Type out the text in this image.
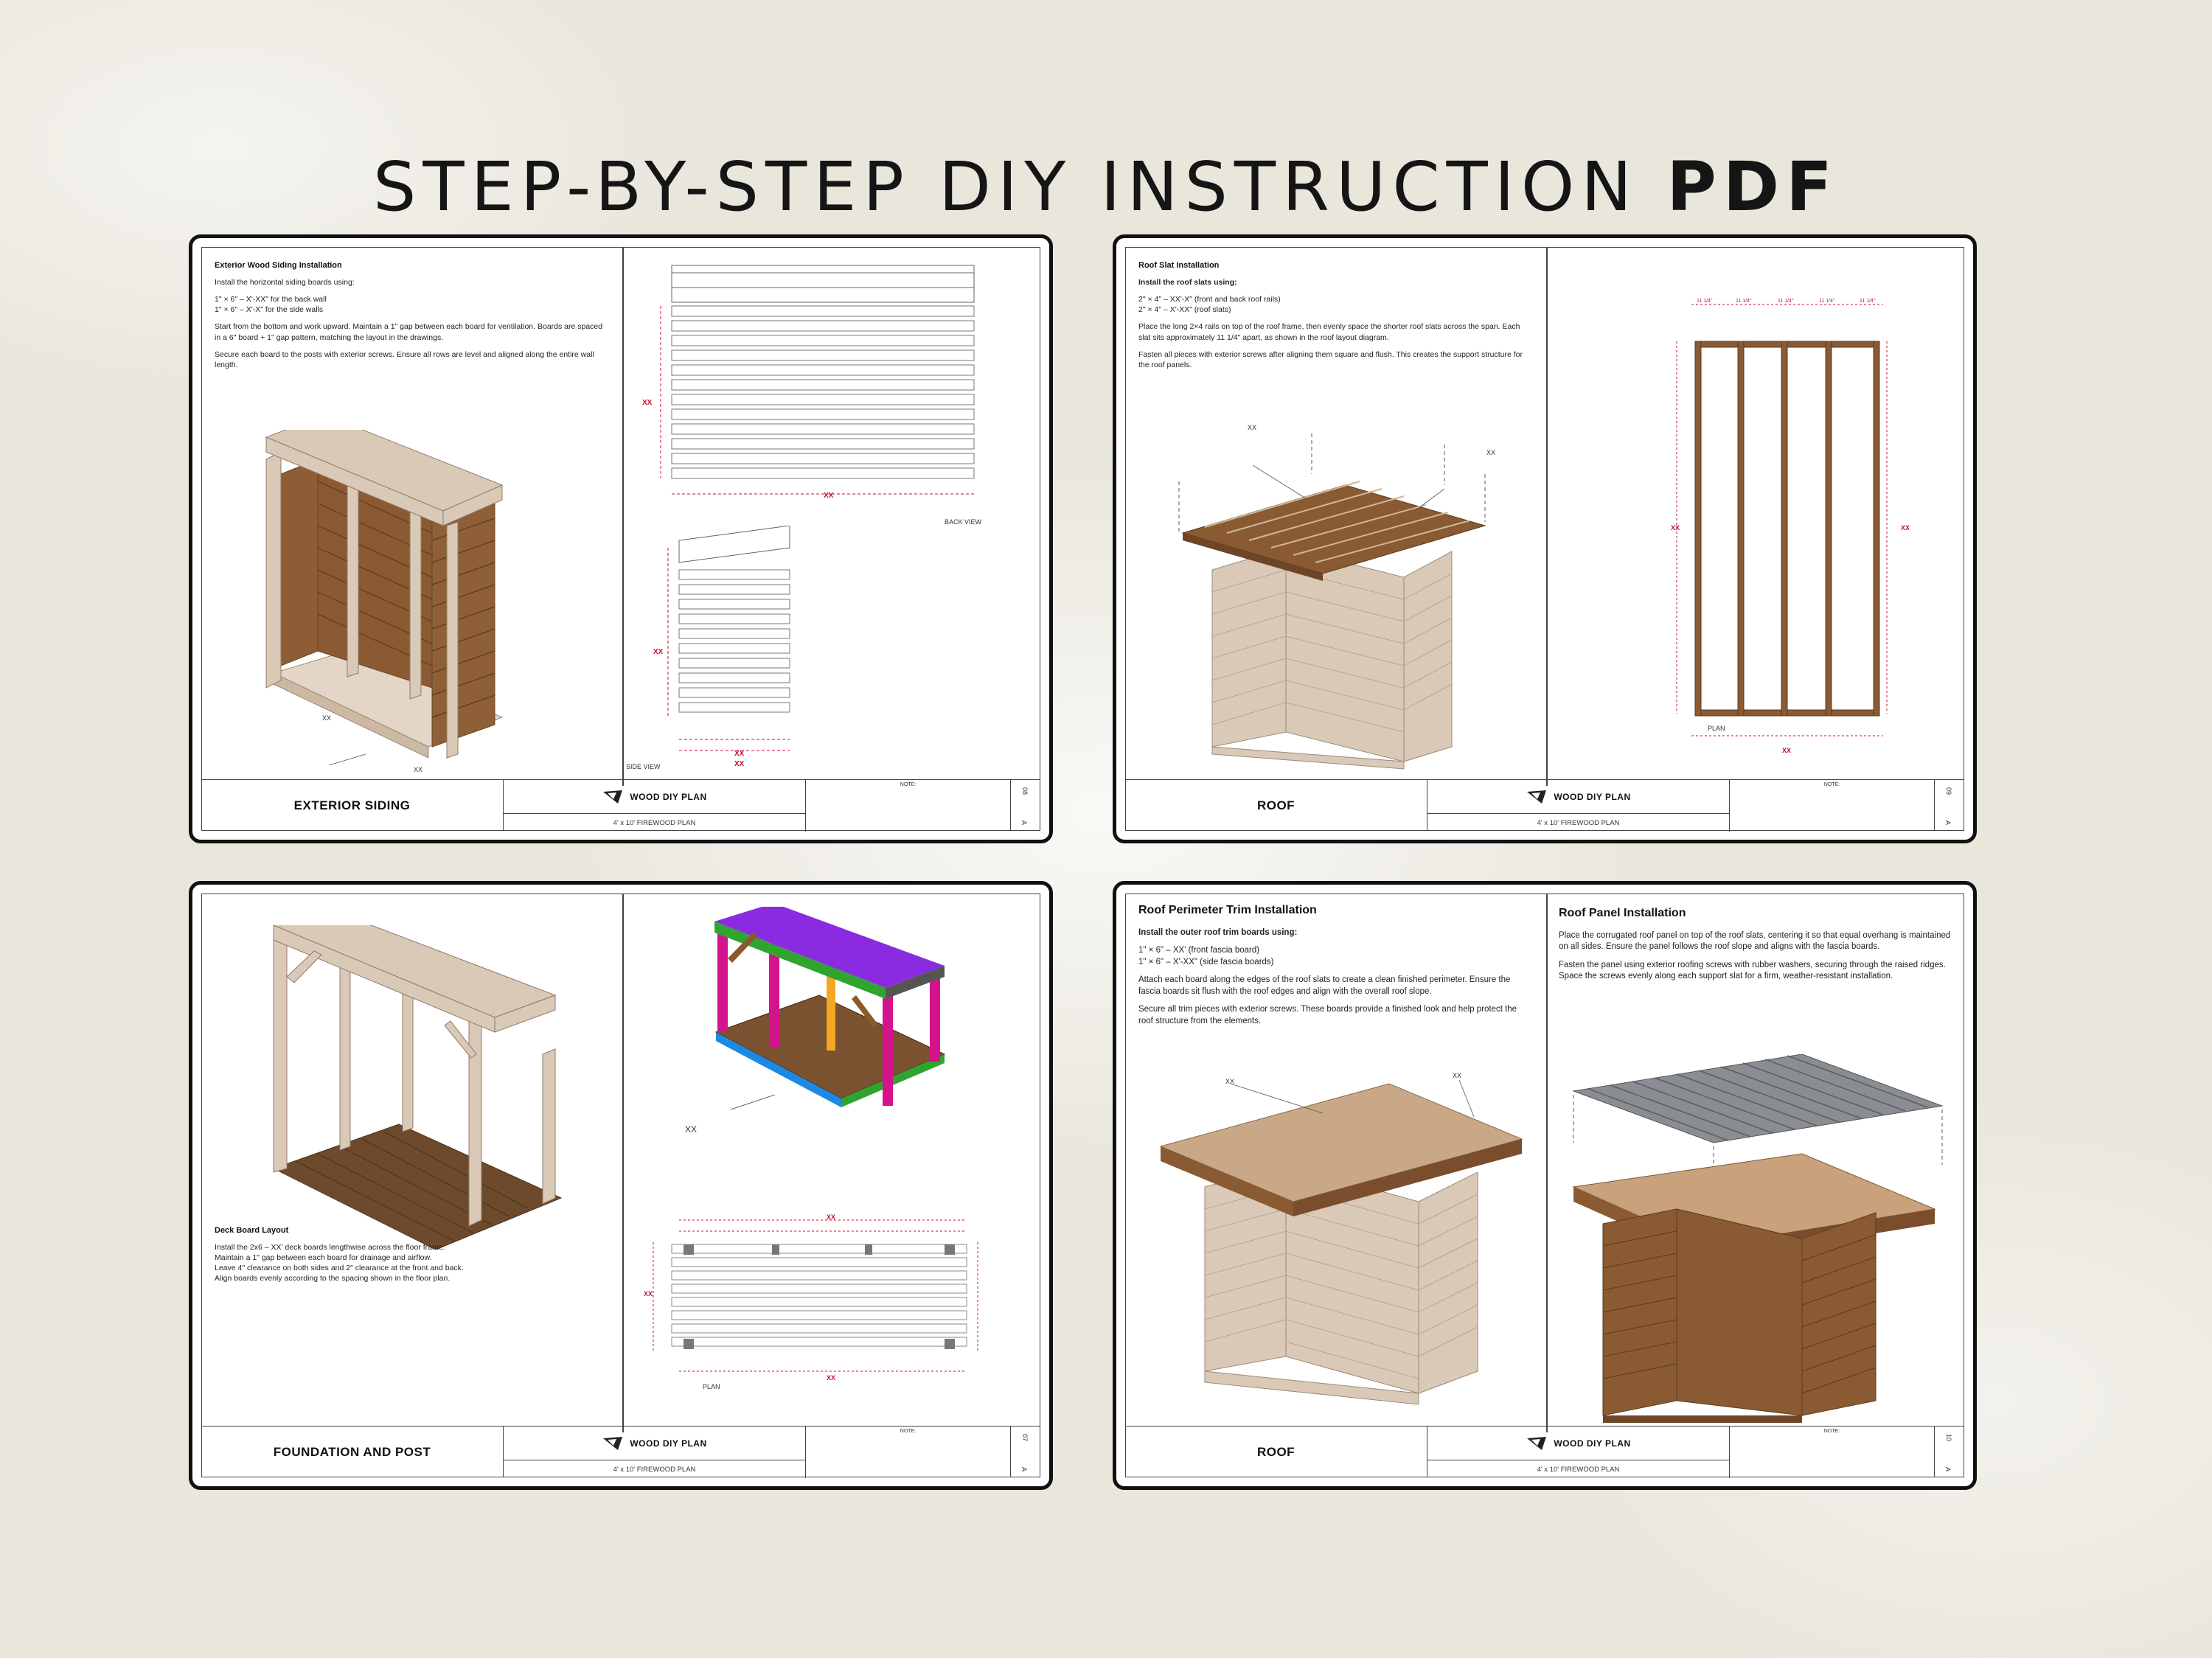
STEP-BY-STEP DIY INSTRUCTION PDF
Exterior Wood Siding Installation

Install the horizontal siding boards using:

1" × 6" – X'-XX" for the back wall
1" × 6" – X'-X" for the side walls

Start from the bottom and work upward. Maintain a 1" gap between each board for ventilation. Boards are spaced in a 6" board + 1" gap pattern, matching the layout in the drawings.

Secure each board to the posts with exterior screws. Ensure all rows are level and aligned along the entire wall length.

XX
XX
XX
XX
BACK VIEW
XX
XX
XX
SIDE VIEW
EXTERIOR SIDING
WOOD DIY PLAN
4' x 10' FIREWOOD PLAN
NOTE:
08
A
Roof Slat Installation

Install the roof slats using:

2" × 4" – XX'-X" (front and back roof rails)
2" × 4" – X'-XX" (roof slats)

Place the long 2×4 rails on top of the roof frame, then evenly space the shorter roof slats across the span. Each slat sits approximately 11 1/4" apart, as shown in the roof layout diagram.

Fasten all pieces with exterior screws after aligning them square and flush. This creates the support structure for the roof panels.

XX
XX
11 1/4"	11 1/4"	11 1/4"	11 1/4"	11 1/4"
XX	XX
XX
PLAN
ROOF
WOOD DIY PLAN
4' x 10' FIREWOOD PLAN
NOTE:
09
A
Deck Board Layout

Install the 2x6 – XX' deck boards lengthwise across the floor frame.
Maintain a 1" gap between each board for drainage and airflow.
Leave 4" clearance on both sides and 2" clearance at the front and back.
Align boards evenly according to the spacing shown in the floor plan.

XX
XX
XX
XX
PLAN
FOUNDATION AND POST
WOOD DIY PLAN
4' x 10' FIREWOOD PLAN
NOTE:
07
A
Roof Perimeter Trim Installation

Install the outer roof trim boards using:

1" × 6" – XX' (front fascia board)
1" × 6" – X'-XX" (side fascia boards)

Attach each board along the edges of the roof slats to create a clean finished perimeter. Ensure the fascia boards sit flush with the roof edges and align with the overall roof slope.

Secure all trim pieces with exterior screws. These boards provide a finished look and help protect the roof structure from the elements.

Roof Panel Installation

Place the corrugated roof panel on top of the roof slats, centering it so that equal overhang is maintained on all sides. Ensure the panel follows the roof slope and aligns with the fascia boards.

Fasten the panel using exterior roofing screws with rubber washers, securing through the raised ridges. Space the screws evenly along each support slat for a firm, weather-resistant installation.

XX
XX
ROOF
WOOD DIY PLAN
4' x 10' FIREWOOD PLAN
NOTE:
10
A
